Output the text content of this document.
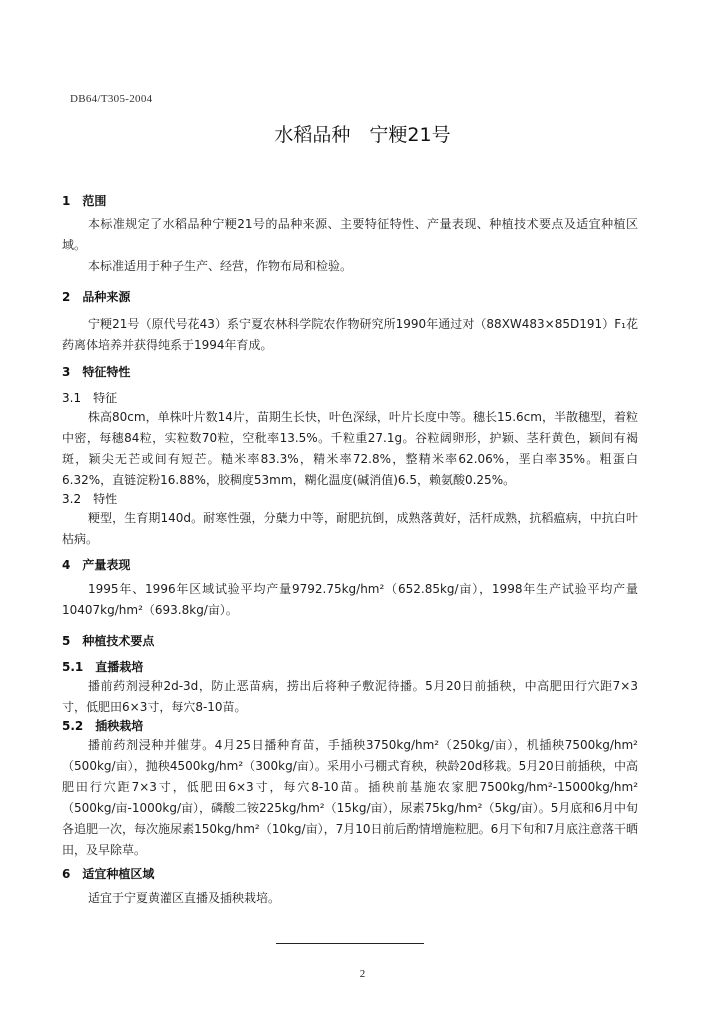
DB64/T305-2004
水稻品种　宁粳21号
1　范围
本标准规定了水稻品种宁粳21号的品种来源、主要特征特性、产量表现、种植技术要点及适宜种植区域。
本标准适用于种子生产、经营，作物布局和检验。
2　品种来源
宁粳21号（原代号花43）系宁夏农林科学院农作物研究所1990年通过对（88XW483×85D191）F₁花药离体培养并获得纯系于1994年育成。
3　特征特性
3.1　特征
株高80cm，单株叶片数14片，苗期生长快，叶色深绿，叶片长度中等。穗长15.6cm，半散穗型，着粒中密，每穗84粒，实粒数70粒，空秕率13.5%。千粒重27.1g。谷粒阔卵形，护颖、茎秆黄色，颖间有褐斑，颖尖无芒或间有短芒。糙米率83.3%，精米率72.8%，整精米率62.06%，垩白率35%。粗蛋白6.32%，直链淀粉16.88%，胶稠度53mm，糊化温度(碱消值)6.5，赖氨酸0.25%。
3.2　特性
粳型，生育期140d。耐寒性强，分蘖力中等，耐肥抗倒，成熟落黄好，活杆成熟，抗稻瘟病，中抗白叶枯病。
4　产量表现
1995年、1996年区域试验平均产量9792.75kg/hm²（652.85kg/亩），1998年生产试验平均产量10407kg/hm²（693.8kg/亩）。
5　种植技术要点
5.1　直播栽培
播前药剂浸种2d-3d，防止恶苗病，捞出后将种子敷泥待播。5月20日前插秧，中高肥田行穴距7×3寸，低肥田6×3寸，每穴8-10苗。
5.2　插秧栽培
播前药剂浸种并催芽。4月25日播种育苗，手插秧3750kg/hm²（250kg/亩），机插秧7500kg/hm²（500kg/亩），抛秧4500kg/hm²（300kg/亩）。采用小弓棚式育秧，秧龄20d移栽。5月20日前插秧，中高肥田行穴距7×3寸，低肥田6×3寸，每穴8-10苗。插秧前基施农家肥7500kg/hm²-15000kg/hm²（500kg/亩-1000kg/亩），磷酸二铵225kg/hm²（15kg/亩），尿素75kg/hm²（5kg/亩）。5月底和6月中旬各追肥一次，每次施尿素150kg/hm²（10kg/亩），7月10日前后酌情增施粒肥。6月下旬和7月底注意落干晒田，及早除草。
6　适宜种植区域
适宜于宁夏黄灌区直播及插秧栽培。
2
